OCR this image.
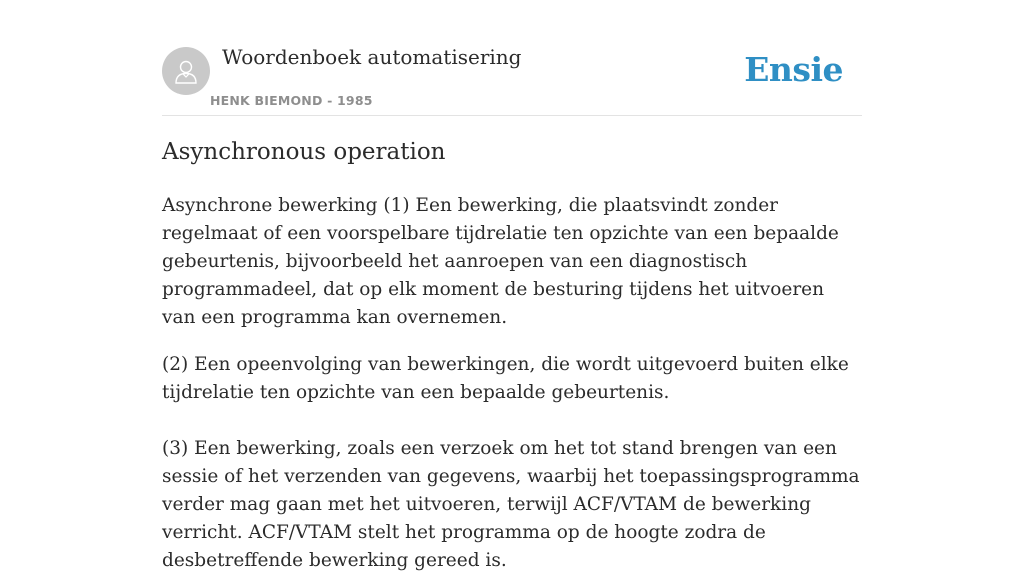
Woordenboek automatisering
HENK BIEMOND - 1985
Ensie
Asynchronous operation

Asynchrone bewerking (1) Een bewerking, die plaatsvindt zonder regelmaat of een voorspelbare tijdrelatie ten opzichte van een bepaalde gebeurtenis, bijvoorbeeld het aanroepen van een diagnostisch programmadeel, dat op elk moment de besturing tijdens het uitvoeren van een programma kan overnemen.

(2) Een opeenvolging van bewerkingen, die wordt uitgevoerd buiten elke tijdrelatie ten opzichte van een bepaalde gebeurtenis.

(3) Een bewerking, zoals een verzoek om het tot stand brengen van een sessie of het verzenden van gegevens, waarbij het toepassingsprogramma verder mag gaan met het uitvoeren, terwijl ACF/VTAM de bewerking verricht. ACF/VTAM stelt het programma op de hoogte zodra de desbetreffende bewerking gereed is.
